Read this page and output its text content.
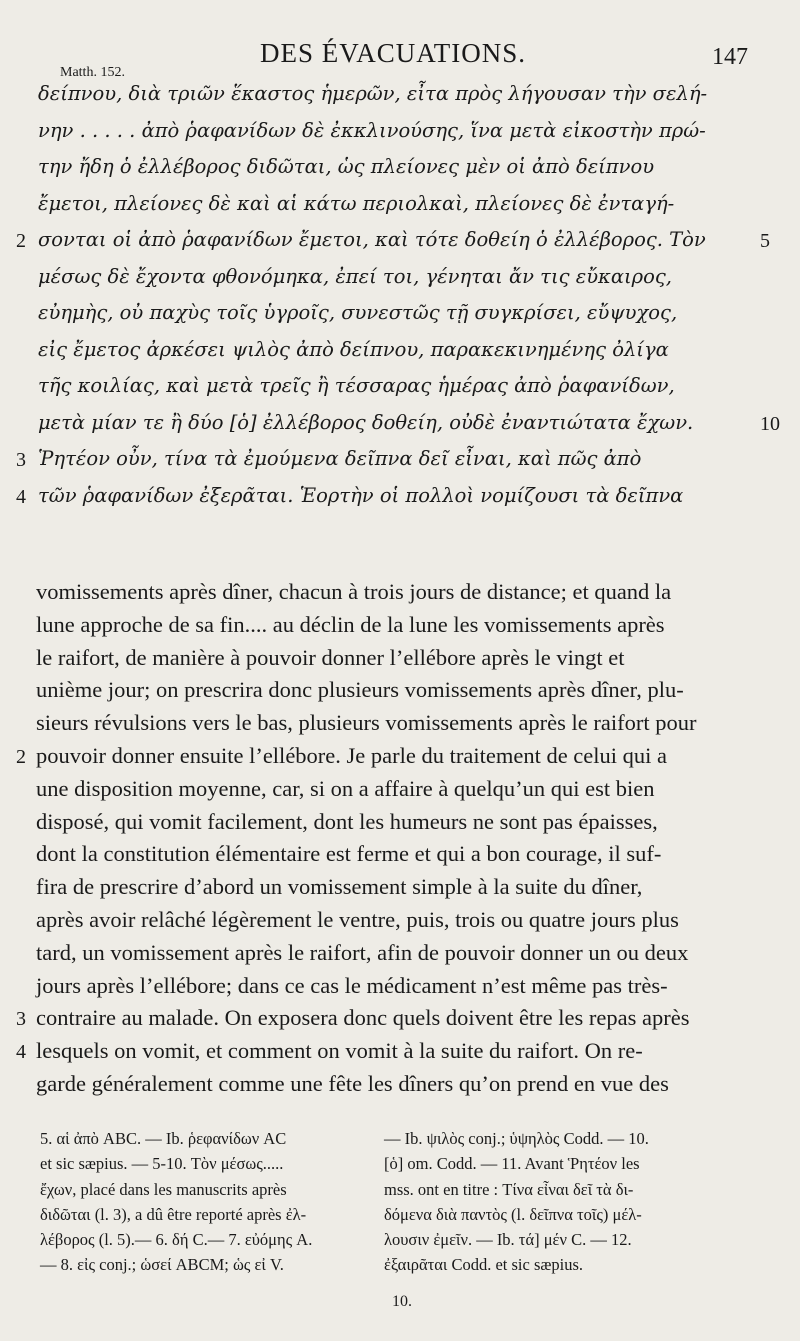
DES ÉVACUATIONS.	147
Matth. 152.
δείπνου, διὰ τριῶν ἕκαστος ἡμερῶν, εἶτα πρὸς λήγουσαν τὴν σελή-
νην . . . . . ἀπὸ ῥαφανίδων δὲ ἐκκλινούσης, ἵνα μετὰ εἰκοστὴν πρώ-
την ἤδη ὁ ἐλλέβορος διδῶται, ὡς πλείονες μὲν οἱ ἀπὸ δείπνου
ἔμετοι, πλείονες δὲ καὶ αἱ κάτω περιολκαὶ, πλείονες δὲ ἐνταγή-
σονται οἱ ἀπὸ ῥαφανίδων ἔμετοι, καὶ τότε δοθείη ὁ ἐλλέβορος. Τὸν
μέσως δὲ ἔχοντα φθονόμηκα, ἐπεί τοι, γένηται ἄν τις εὔκαιρος,
εὐημὴς, οὐ παχὺς τοῖς ὑγροῖς, συνεστῶς τῇ συγκρίσει, εὔψυχος,
εἰς ἔμετος ἀρκέσει ψιλὸς ἀπὸ δείπνου, παρακεκινημένης ὀλίγα
τῆς κοιλίας, καὶ μετὰ τρεῖς ἢ τέσσαρας ἡμέρας ἀπὸ ῥαφανίδων,
μετὰ μίαν τε ἢ δύο [ὁ] ἐλλέβορος δοθείη, οὐδὲ ἐναντιώτατα ἔχων.
Ῥητέον οὖν, τίνα τὰ ἐμούμενα δεῖπνα δεῖ εἶναι, καὶ πῶς ἀπὸ
τῶν ῥαφανίδων ἐξερᾶται. Ἑορτὴν οἱ πολλοὶ νομίζουσι τὰ δεῖπνα
2
3
4
5
10
vomissements après dîner, chacun à trois jours de distance; et quand la
lune approche de sa fin.... au déclin de la lune les vomissements après
le raifort, de manière à pouvoir donner l’ellébore après le vingt et
unième jour; on prescrira donc plusieurs vomissements après dîner, plu-
sieurs révulsions vers le bas, plusieurs vomissements après le raifort pour
pouvoir donner ensuite l’ellébore. Je parle du traitement de celui qui a
une disposition moyenne, car, si on a affaire à quelqu’un qui est bien
disposé, qui vomit facilement, dont les humeurs ne sont pas épaisses,
dont la constitution élémentaire est ferme et qui a bon courage, il suf-
fira de prescrire d’abord un vomissement simple à la suite du dîner,
après avoir relâché légèrement le ventre, puis, trois ou quatre jours plus
tard, un vomissement après le raifort, afin de pouvoir donner un ou deux
jours après l’ellébore; dans ce cas le médicament n’est même pas très-
contraire au malade. On exposera donc quels doivent être les repas après
lesquels on vomit, et comment on vomit à la suite du raifort. On re-
garde généralement comme une fête les dîners qu’on prend en vue des
2
3
4
5. αἱ ἀπὸ ABC. — Ib. ῥεφανίδων AC
et sic sæpius. — 5-10. Τὸν μέσως.....
ἔχων, placé dans les manuscrits après
διδῶται (l. 3), a dû être reporté après ἐλ-
λέβορος (l. 5).— 6. δή C.— 7. εὐόμης A.
— 8. εἰς conj.; ὡσεί ABCM; ὡς εἰ V.
— Ib. ψιλὸς conj.; ὑψηλὸς Codd. — 10.
[ὁ] om. Codd. — 11. Avant Ῥητέον les
mss. ont en titre : Τίνα εἶναι δεῖ τὰ δι-
δόμενα διὰ παντὸς (l. δεῖπνα τοῖς) μέλ-
λουσιν ἐμεῖν. — Ib. τά] μέν C. — 12.
ἐξαιρᾶται Codd. et sic sæpius.
10.
